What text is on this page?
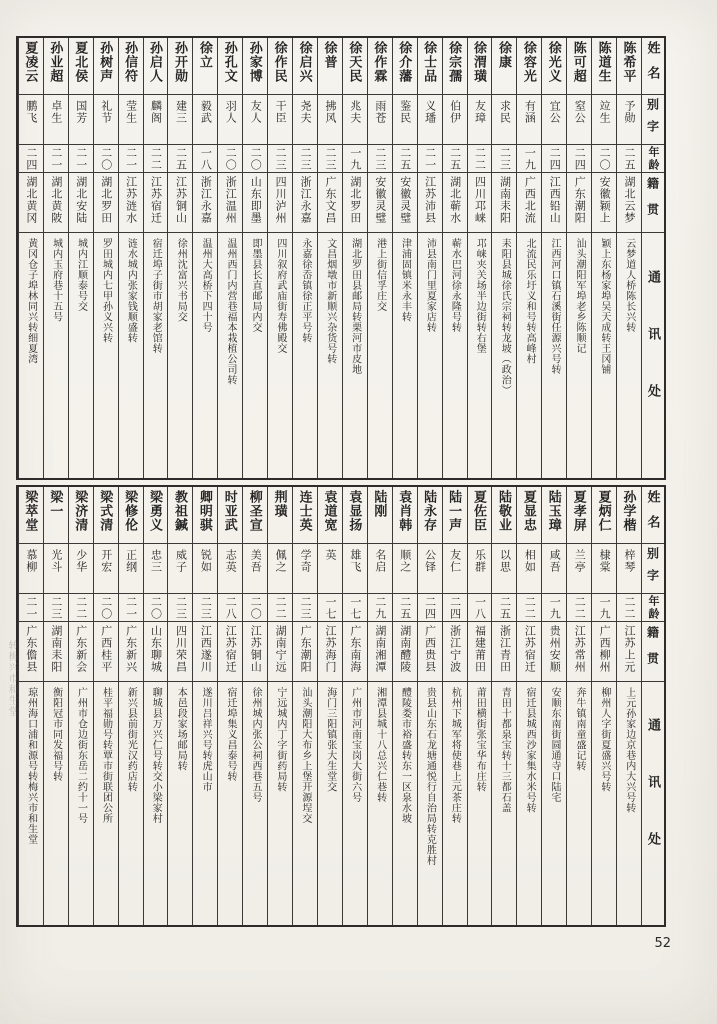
姓名
别字
年龄
籍贯
通讯处
陈希平
予勋
二五
湖北云梦
云梦道人桥陈长兴转
陈道生
竝生
二〇
安徽颖上
颖上东杨家埠吴天成转王冈铺
陈可超
窒公
二四
广东潮阳
汕头潮阳军埠老乡陈顺记
徐光义
宜公
二四
江西铅山
江西河口镇石溪街任源兴号转
徐容光
有涵
一九
广西北流
北流民乐圩义和号转高峰村
徐康
求民
二三
湖南耒阳
耒阳县城徐氏宗祠转龙坡（政治）
徐渭璜
友璋
二二
四川邛崃
邛崃夹关场半边街转右堡
徐宗孺
伯伊
二五
湖北蕲水
蕲水巴河徐永隆号转
徐士品
义璠
二一
江苏沛县
沛县南门里夏家店转
徐介藩
鉴民
二五
安徽灵璧
津浦固镇米永丰转
徐作霖
雨苍
二三
安徽灵璧
港上街信孚庄交
徐天民
兆夫
一九
湖北罗田
湖北罗田县邮局转栗河市皮地
徐普
拂风
二三
广东文昌
文昌烟墩市新顺兴杂货号转
徐启兴
尧夫
二三
浙江永嘉
永嘉徐岙镇徐正平号转
徐作民
干臣
二三
四川泸州
四川叙府武庙街寿佛殿交
孙家博
友人
二〇
山东即墨
即墨县长直邮局内交
孙孔文
羽人
二〇
浙江温州
温州西门内营巷福本栽植公司转
徐立
毅武
一八
浙江永嘉
温州大高桥下四十号
孙开勋
建三
二五
江苏铜山
徐州沈富兴书局交
孙启人
麟阁
二二
江苏宿迁
宿迁埠子街市胡家老馆转
孙信符
莹生
二一
江苏涟水
涟水城内张家钱顺盛转
孙树声
礼节
二〇
湖北罗田
罗田城内七甲孙义兴转
夏北侯
国芳
二一
湖北安陆
城内江顺泰号交
孙业超
卓生
二一
湖北黄陂
城内玉府巷十五号
夏凌云
鹏飞
二四
湖北黄冈
黄冈仓子埠林同兴转细夏湾
姓名
别字
年龄
籍贯
通讯处
孙学楷
梓琴
二二
江苏上元
上元孙家边京巷内大兴号转
夏炳仁
棣棠
一九
广西柳州
柳州人字街夏盛兴号转
夏孝屏
兰亭
二二
江苏常州
奔牛镇南童盛记转
陆玉璋
咸吾
一九
贵州安顺
安顺东南街圆通寺口陆宅
夏显忠
相如
二二
江苏宿迁
宿迁县城西沙家集水米号转
陆敬业
以思
二五
浙江青田
青田十都泉宝转十三都石盖
夏佐臣
乐群
一八
福建莆田
莆田横街张宝华布庄转
陆一声
友仁
二四
浙江宁波
杭州下城军将使巷上元茶庄转
陆永存
公铎
二四
广西贵县
贵县山东石龙塘通悦行自治局转克胜村
袁肖韩
顺之
二五
湖南醴陵
醴陵娄市裕盛转东一区泉水坡
陆刚
名启
二九
湖南湘潭
湘潭县城十八总兴仁巷转
袁显扬
雄飞
一七
广东南海
广州市河南宝岗大街六号
袁道宽
英
一七
江苏海门
海门三阳镇张大生堂交
连士英
学奇
二三
广东潮阳
汕头潮阳大布乡上堡开源埕交
荆璜
佩之
二二
湖南宁远
宁远城内丁字街药局转
柳圣宣
美吾
二〇
江苏铜山
徐州城内张公祠西巷五号
时亚武
志英
二八
江苏宿迁
宿迁埠集义昌泰号转
卿明骐
锐如
二三
江西遂川
遂川吕祥兴号转虎山市
教祖鍼
威子
二三
四川荣昌
本邑段家场邮局转
梁勇义
忠三
二〇
山东聊城
聊城县万兴仁号转交小梁家村
梁修伦
正纲
二一
广东新兴
新兴县前街光汉药店转
梁式清
开宏
二〇
广西桂平
桂平福勋号转覃市街联团公所
梁济清
少华
二二
广东新会
广州市仓边街东岳二约十一号
梁一
光斗
二三
湖南耒阳
衡阳冠市同发福号转
梁萃堂
慕柳
二一
广东儋县
琼州海口浦和源号转梅兴市和生堂
转梅兴市和生堂
52
